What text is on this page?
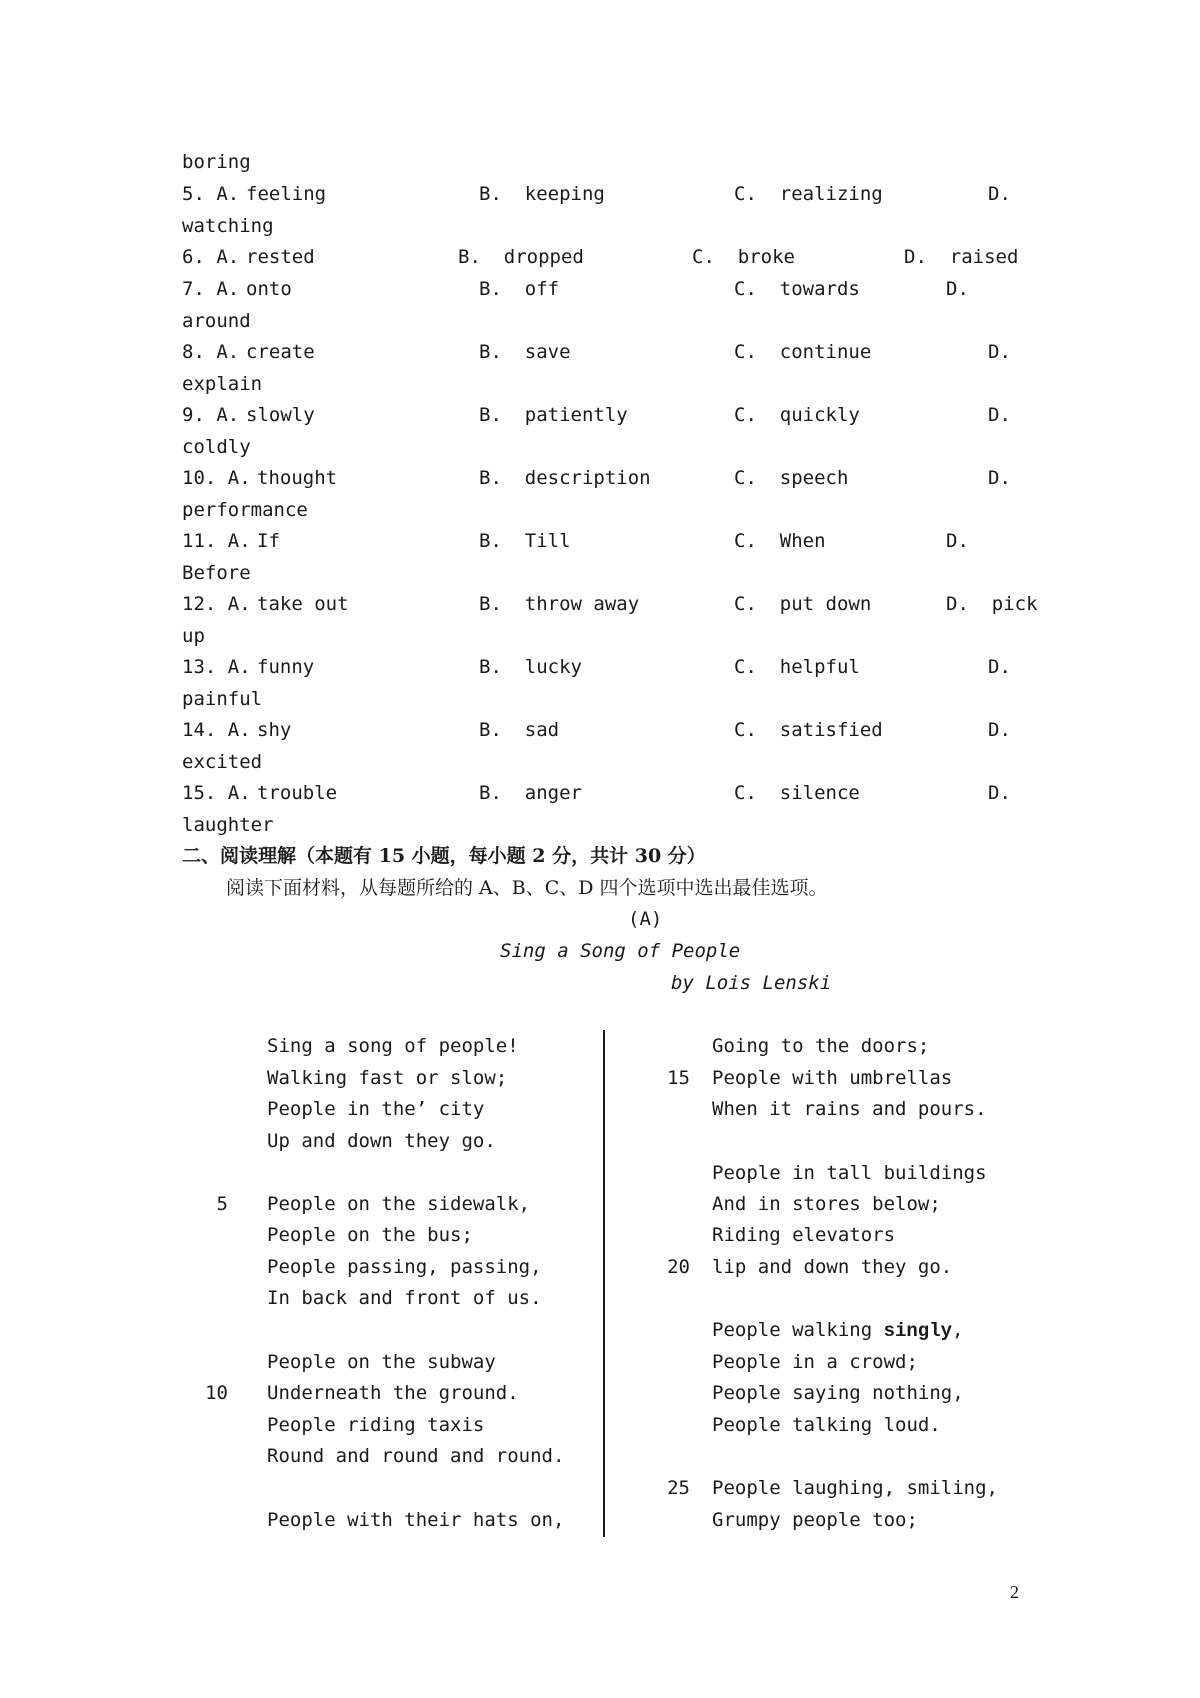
boring
5. A. feeling	B.  keeping	C.  realizing	D.
watching
6. A. rested	B.  dropped	C.  broke	D.  raised
7. A. onto	B.  off	C.  towards	D.
around
8. A. create	B.  save	C.  continue	D.
explain
9. A. slowly	B.  patiently	C.  quickly	D.
coldly
10. A. thought	B.  description	C.  speech	D.
performance
11. A. If	B.  Till	C.  When	D.
Before
12. A. take out	B.  throw away	C.  put down	D.  pick
up
13. A. funny	B.  lucky	C.  helpful	D.
painful
14. A. shy	B.  sad	C.  satisfied	D.
excited
15. A. trouble	B.  anger	C.  silence	D.
laughter
二、阅读理解（本题有 15 小题，每小题 2 分，共计 30 分）
阅读下面材料，从每题所给的 A、B、C、D 四个选项中选出最佳选项。
(A)
Sing a Song of People
by Lois Lenski
Sing a song of people!
Walking fast or slow;
People in the’ city
Up and down they go.
5 People on the sidewalk,
People on the bus;
People passing, passing,
In back and front of us.
People on the subway
10 Underneath the ground.
People riding taxis
Round and round and round.
People with their hats on,
Going to the doors;
15 People with umbrellas
When it rains and pours.
People in tall buildings
And in stores below;
Riding elevators
20 lip and down they go.
People walking singly,
People in a crowd;
People saying nothing,
People talking loud.
25 People laughing, smiling,
Grumpy people too;
2
